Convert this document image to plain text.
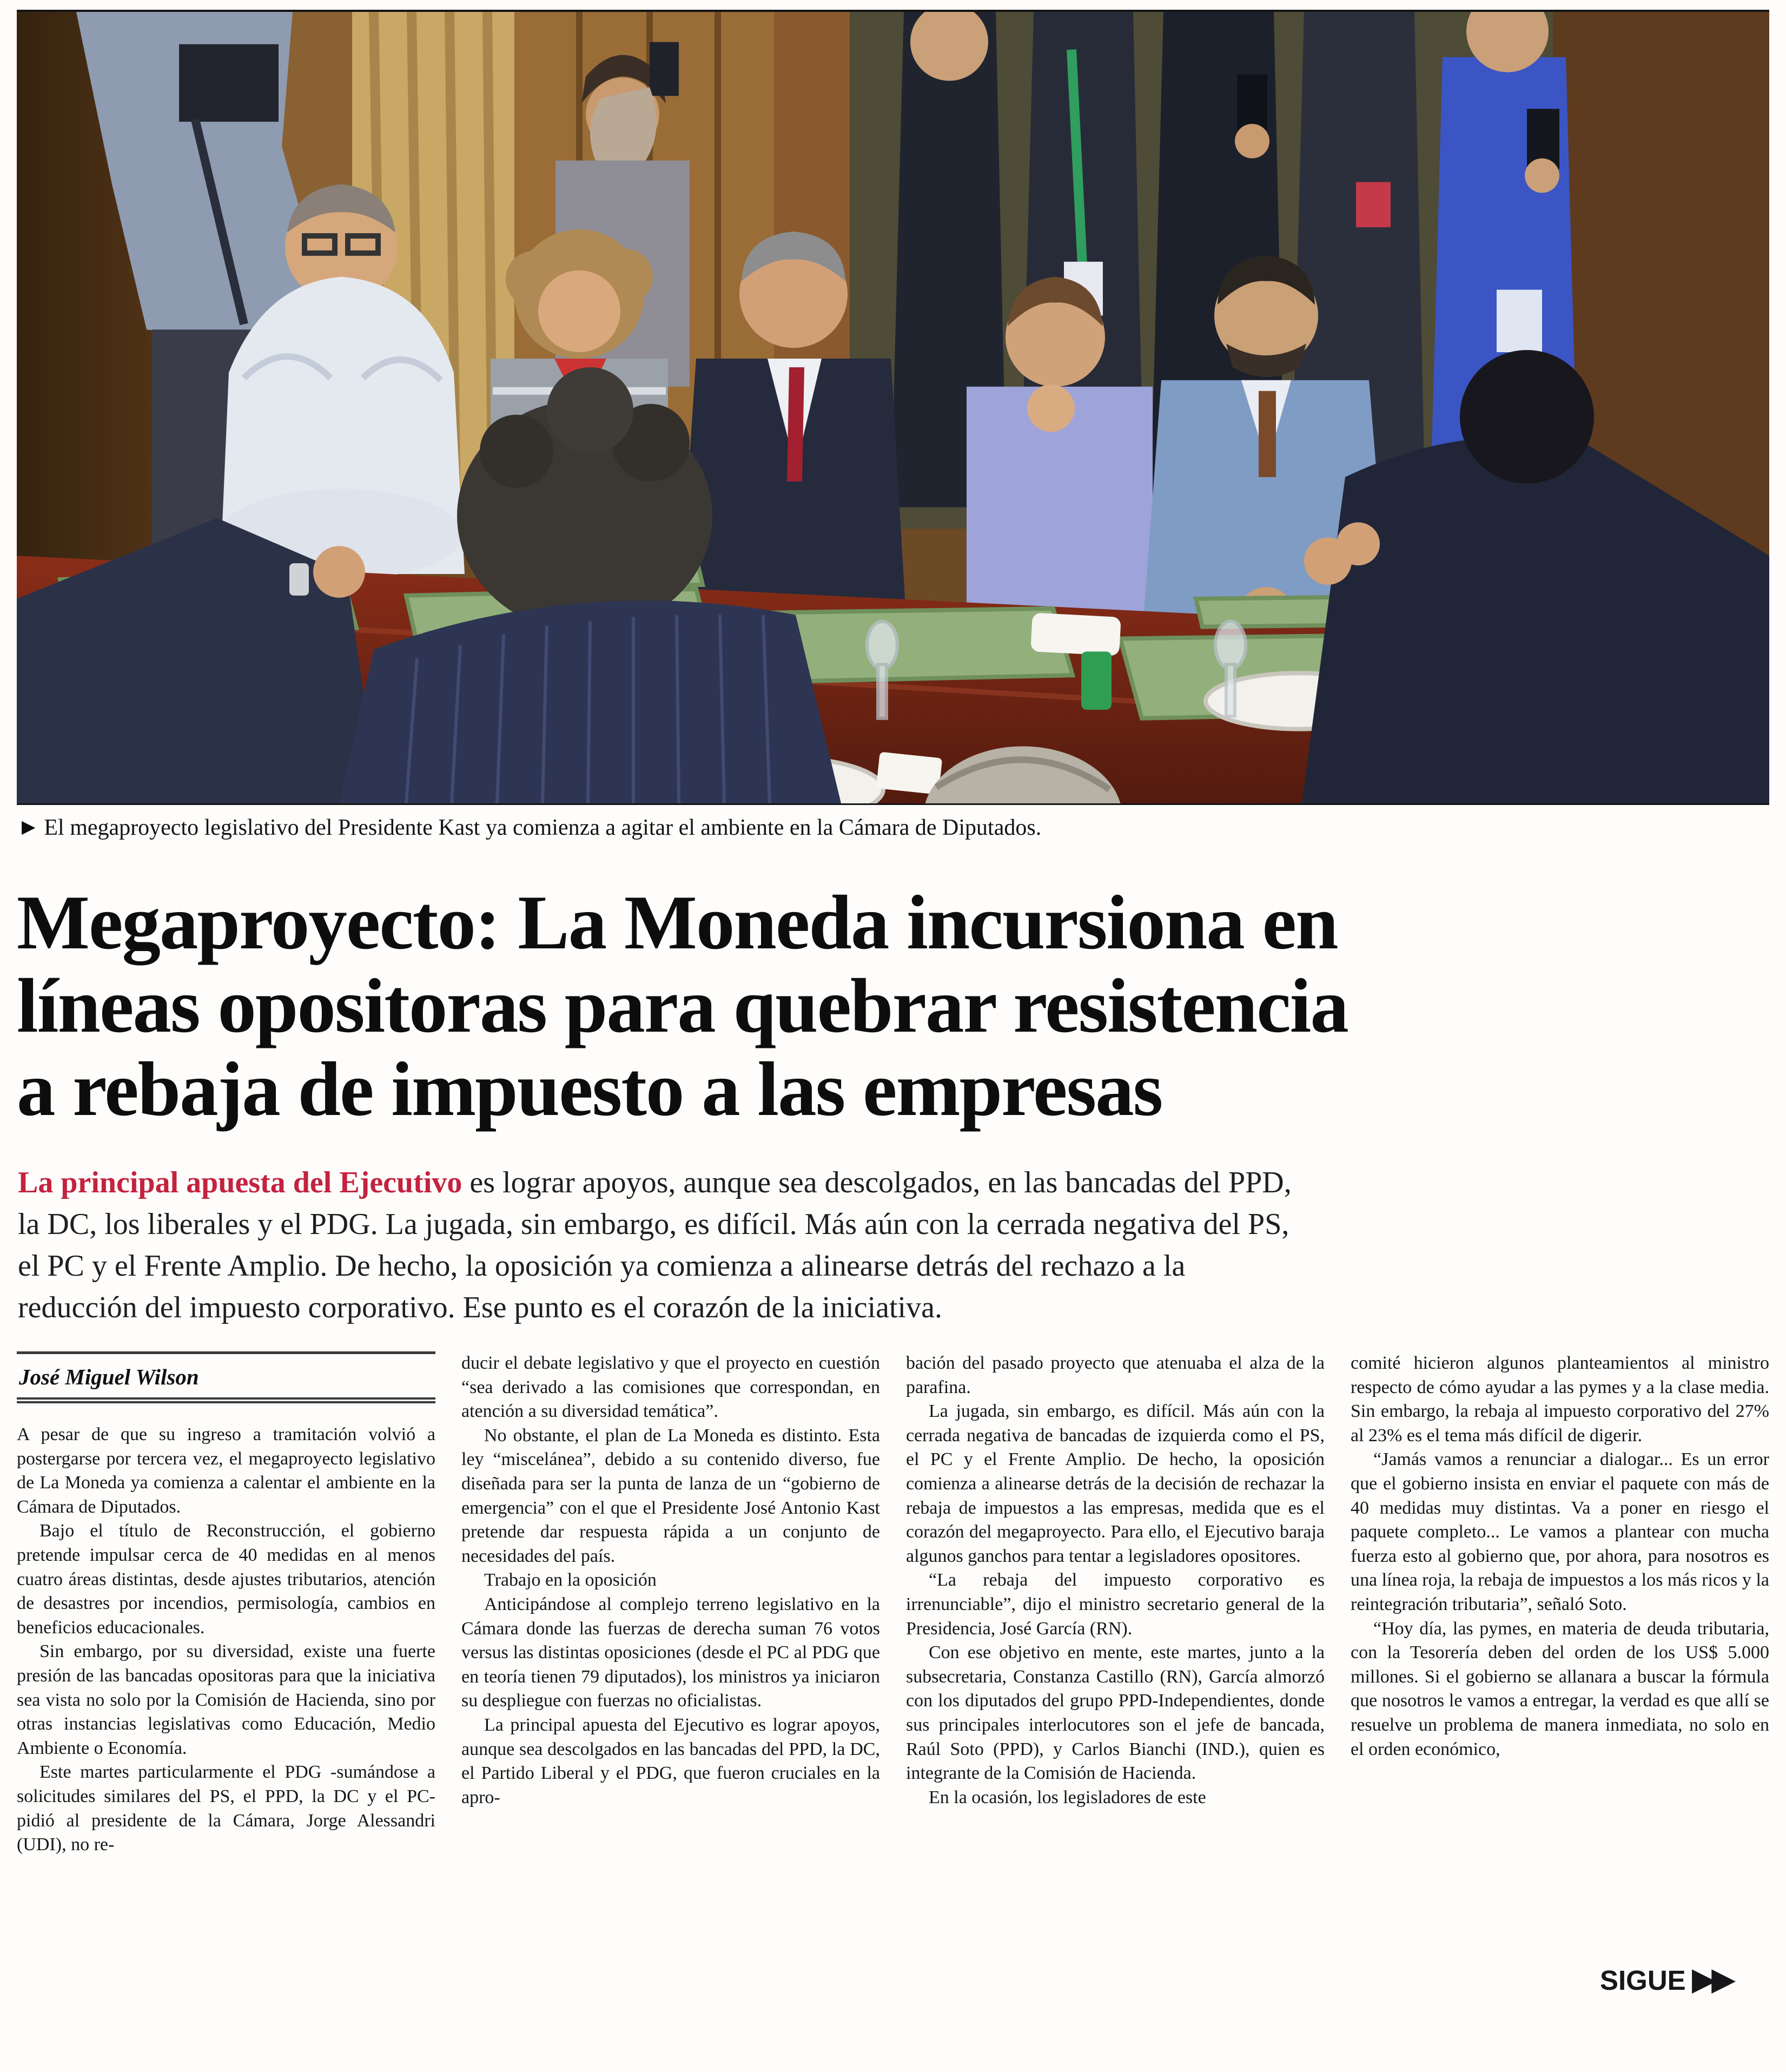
▶ El megaproyecto legislativo del Presidente Kast ya comienza a agitar el ambiente en la Cámara de Diputados.
Megaproyecto: La Moneda incursiona en
líneas opositoras para quebrar resistencia
a rebaja de impuesto a las empresas
La principal apuesta del Ejecutivo es lograr apoyos, aunque sea descolgados, en las bancadas del PPD, la DC, los liberales y el PDG. La jugada, sin embargo, es difícil. Más aún con la cerrada negativa del PS, el PC y el Frente Amplio. De hecho, la oposición ya comienza a alinearse detrás del rechazo a la reducción del impuesto corporativo. Ese punto es el corazón de la iniciativa.
José Miguel Wilson

A pesar de que su ingreso a tramitación volvió a postergarse por tercera vez, el megaproyecto legislativo de La Moneda ya comienza a calentar el ambiente en la Cámara de Diputados.

Bajo el título de Reconstrucción, el gobierno pretende impulsar cerca de 40 medidas en al menos cuatro áreas distintas, desde ajustes tributarios, atención de desastres por incendios, permisología, cambios en beneficios educacionales.

Sin embargo, por su diversidad, existe una fuerte presión de las bancadas opositoras para que la iniciativa sea vista no solo por la Comisión de Hacienda, sino por otras instancias legislativas como Educación, Medio Ambiente o Economía.

Este martes particularmente el PDG -sumándose a solicitudes similares del PS, el PPD, la DC y el PC- pidió al presidente de la Cámara, Jorge Alessandri (UDI), no re-

ducir el debate legislativo y que el proyecto en cuestión “sea derivado a las comisiones que correspondan, en atención a su diversidad temática”.

No obstante, el plan de La Moneda es distinto. Esta ley “miscelánea”, debido a su contenido diverso, fue diseñada para ser la punta de lanza de un “gobierno de emergencia” con el que el Presidente José Antonio Kast pretende dar respuesta rápida a un conjunto de necesidades del país.

Trabajo en la oposición

Anticipándose al complejo terreno legislativo en la Cámara donde las fuerzas de derecha suman 76 votos versus las distintas oposiciones (desde el PC al PDG que en teoría tienen 79 diputados), los ministros ya iniciaron su despliegue con fuerzas no oficialistas.

La principal apuesta del Ejecutivo es lograr apoyos, aunque sea descolgados en las bancadas del PPD, la DC, el Partido Liberal y el PDG, que fueron cruciales en la apro-

bación del pasado proyecto que atenuaba el alza de la parafina.

La jugada, sin embargo, es difícil. Más aún con la cerrada negativa de bancadas de izquierda como el PS, el PC y el Frente Amplio. De hecho, la oposición comienza a alinearse detrás de la decisión de rechazar la rebaja de impuestos a las empresas, medida que es el corazón del megaproyecto. Para ello, el Ejecutivo baraja algunos ganchos para tentar a legisladores opositores.

“La rebaja del impuesto corporativo es irrenunciable”, dijo el ministro secretario general de la Presidencia, José García (RN).

Con ese objetivo en mente, este martes, junto a la subsecretaria, Constanza Castillo (RN), García almorzó con los diputados del grupo PPD-Independientes, donde sus principales interlocutores son el jefe de bancada, Raúl Soto (PPD), y Carlos Bianchi (IND.), quien es integrante de la Comisión de Hacienda.

En la ocasión, los legisladores de este

comité hicieron algunos planteamientos al ministro respecto de cómo ayudar a las pymes y a la clase media. Sin embargo, la rebaja al impuesto corporativo del 27% al 23% es el tema más difícil de digerir.

“Jamás vamos a renunciar a dialogar... Es un error que el gobierno insista en enviar el paquete con más de 40 medidas muy distintas. Va a poner en riesgo el paquete completo... Le vamos a plantear con mucha fuerza esto al gobierno que, por ahora, para nosotros es una línea roja, la rebaja de impuestos a los más ricos y la reintegración tributaria”, señaló Soto.

“Hoy día, las pymes, en materia de deuda tributaria, con la Tesorería deben del orden de los US$ 5.000 millones. Si el gobierno se allanara a buscar la fórmula que nosotros le vamos a entregar, la verdad es que allí se resuelve un problema de manera inmediata, no solo en el orden económico,

SIGUE ▶▶
